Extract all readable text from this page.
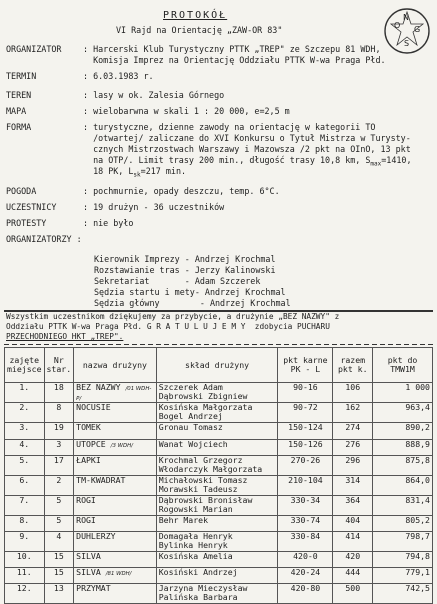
O
N
G
S
PROTOKÓŁ
VI Rajd na Orientację „ZAW-OR 83"
ORGANIZATOR	: Harcerski Klub Turystyczny PTTK „TREP" ze Szczepu 81 WDH,
Komisja Imprez na Orientację Oddziału PTTK W-wa Praga Płd.
TERMIN	: 6.03.1983 r.
TEREN	: lasy w ok. Zalesia Górnego
MAPA	: wielobarwna w skali 1 : 20 000, e=2,5 m
FORMA	: turystyczne, dzienne zawody na orientację w kategorii TO
/otwartej/ zaliczane do XVI Konkursu o Tytuł Mistrza w Turysty-
cznych Mistrzostwach Warszawy i Mazowsza /2 pkt na OInO, 13 pkt
na OTP/. Limit trasy 200 min., długość trasy 10,8 km, $S_{max}=1410$,
18 PK, $L_{sk}=217$ min.
POGODA	: pochmurnie, opady deszczu, temp. 6°C.
UCZESTNICY	: 19 drużyn - 36 uczestników
PROTESTY	: nie było
ORGANIZATORZY :
Kierownik Imprezy - Andrzej Krochmal
Rozstawianie tras - Jerzy Kalinowski
Sekretariat       - Adam Szczerek
Sędzia startu i mety- Andrzej Krochmal
Sędzia główny        - Andrzej Krochmal
Wszystkim uczestnikom dziękujemy za przybycie, a drużynie „BEZ NAZWY" z
Oddziału PTTK W-wa Praga Płd. G R A T U L U J E M Y  zdobycia PUCHARU
PRZECHODNIEGO HKT „TREP".
zajęte miejsce	Nr star.	nazwa drużyny	skład drużyny	pkt karne PK - L	razem pkt k.	pkt do TMW1M
1.	18	BEZ NAZWY /01 WDH-P/	Szczerek Adam
Dąbrowski Zbigniew	90-16	106	1 000
2.	8	NOCUSIE	Kosińska Małgorzata
Bogel Andrzej	90-72	162	963,4
3.	19	TOMEK	Gronau Tomasz	150-124	274	890,2
4.	3	UTOPCE /3 WDH/	Wanat Wojciech	150-126	276	888,9
5.	17	ŁAPKI	Krochmal Grzegorz
Włodarczyk Małgorzata	270-26	296	875,8
6.	2	TM-KWADRAT	Michałowski Tomasz
Morawski Tadeusz	210-104	314	864,0
7.	5	ROGI	Dąbrowski Bronisław
Rogowski Marian	330-34	364	831,4
8.	5	ROGI	Behr Marek	330-74	404	805,2
9.	4	DUHLERZY	Domagała Henryk
Bylinka Henryk	330-84	414	798,7
10.	15	SILVA	Kosińska Amelia	420-0	420	794,8
11.	15	SILVA /81 WDH/	Kosiński Andrzej	420-24	444	779,1
12.	13	PRZYMAT	Jarzyna Mieczysław
Palińska Barbara	420-80	500	742,5
